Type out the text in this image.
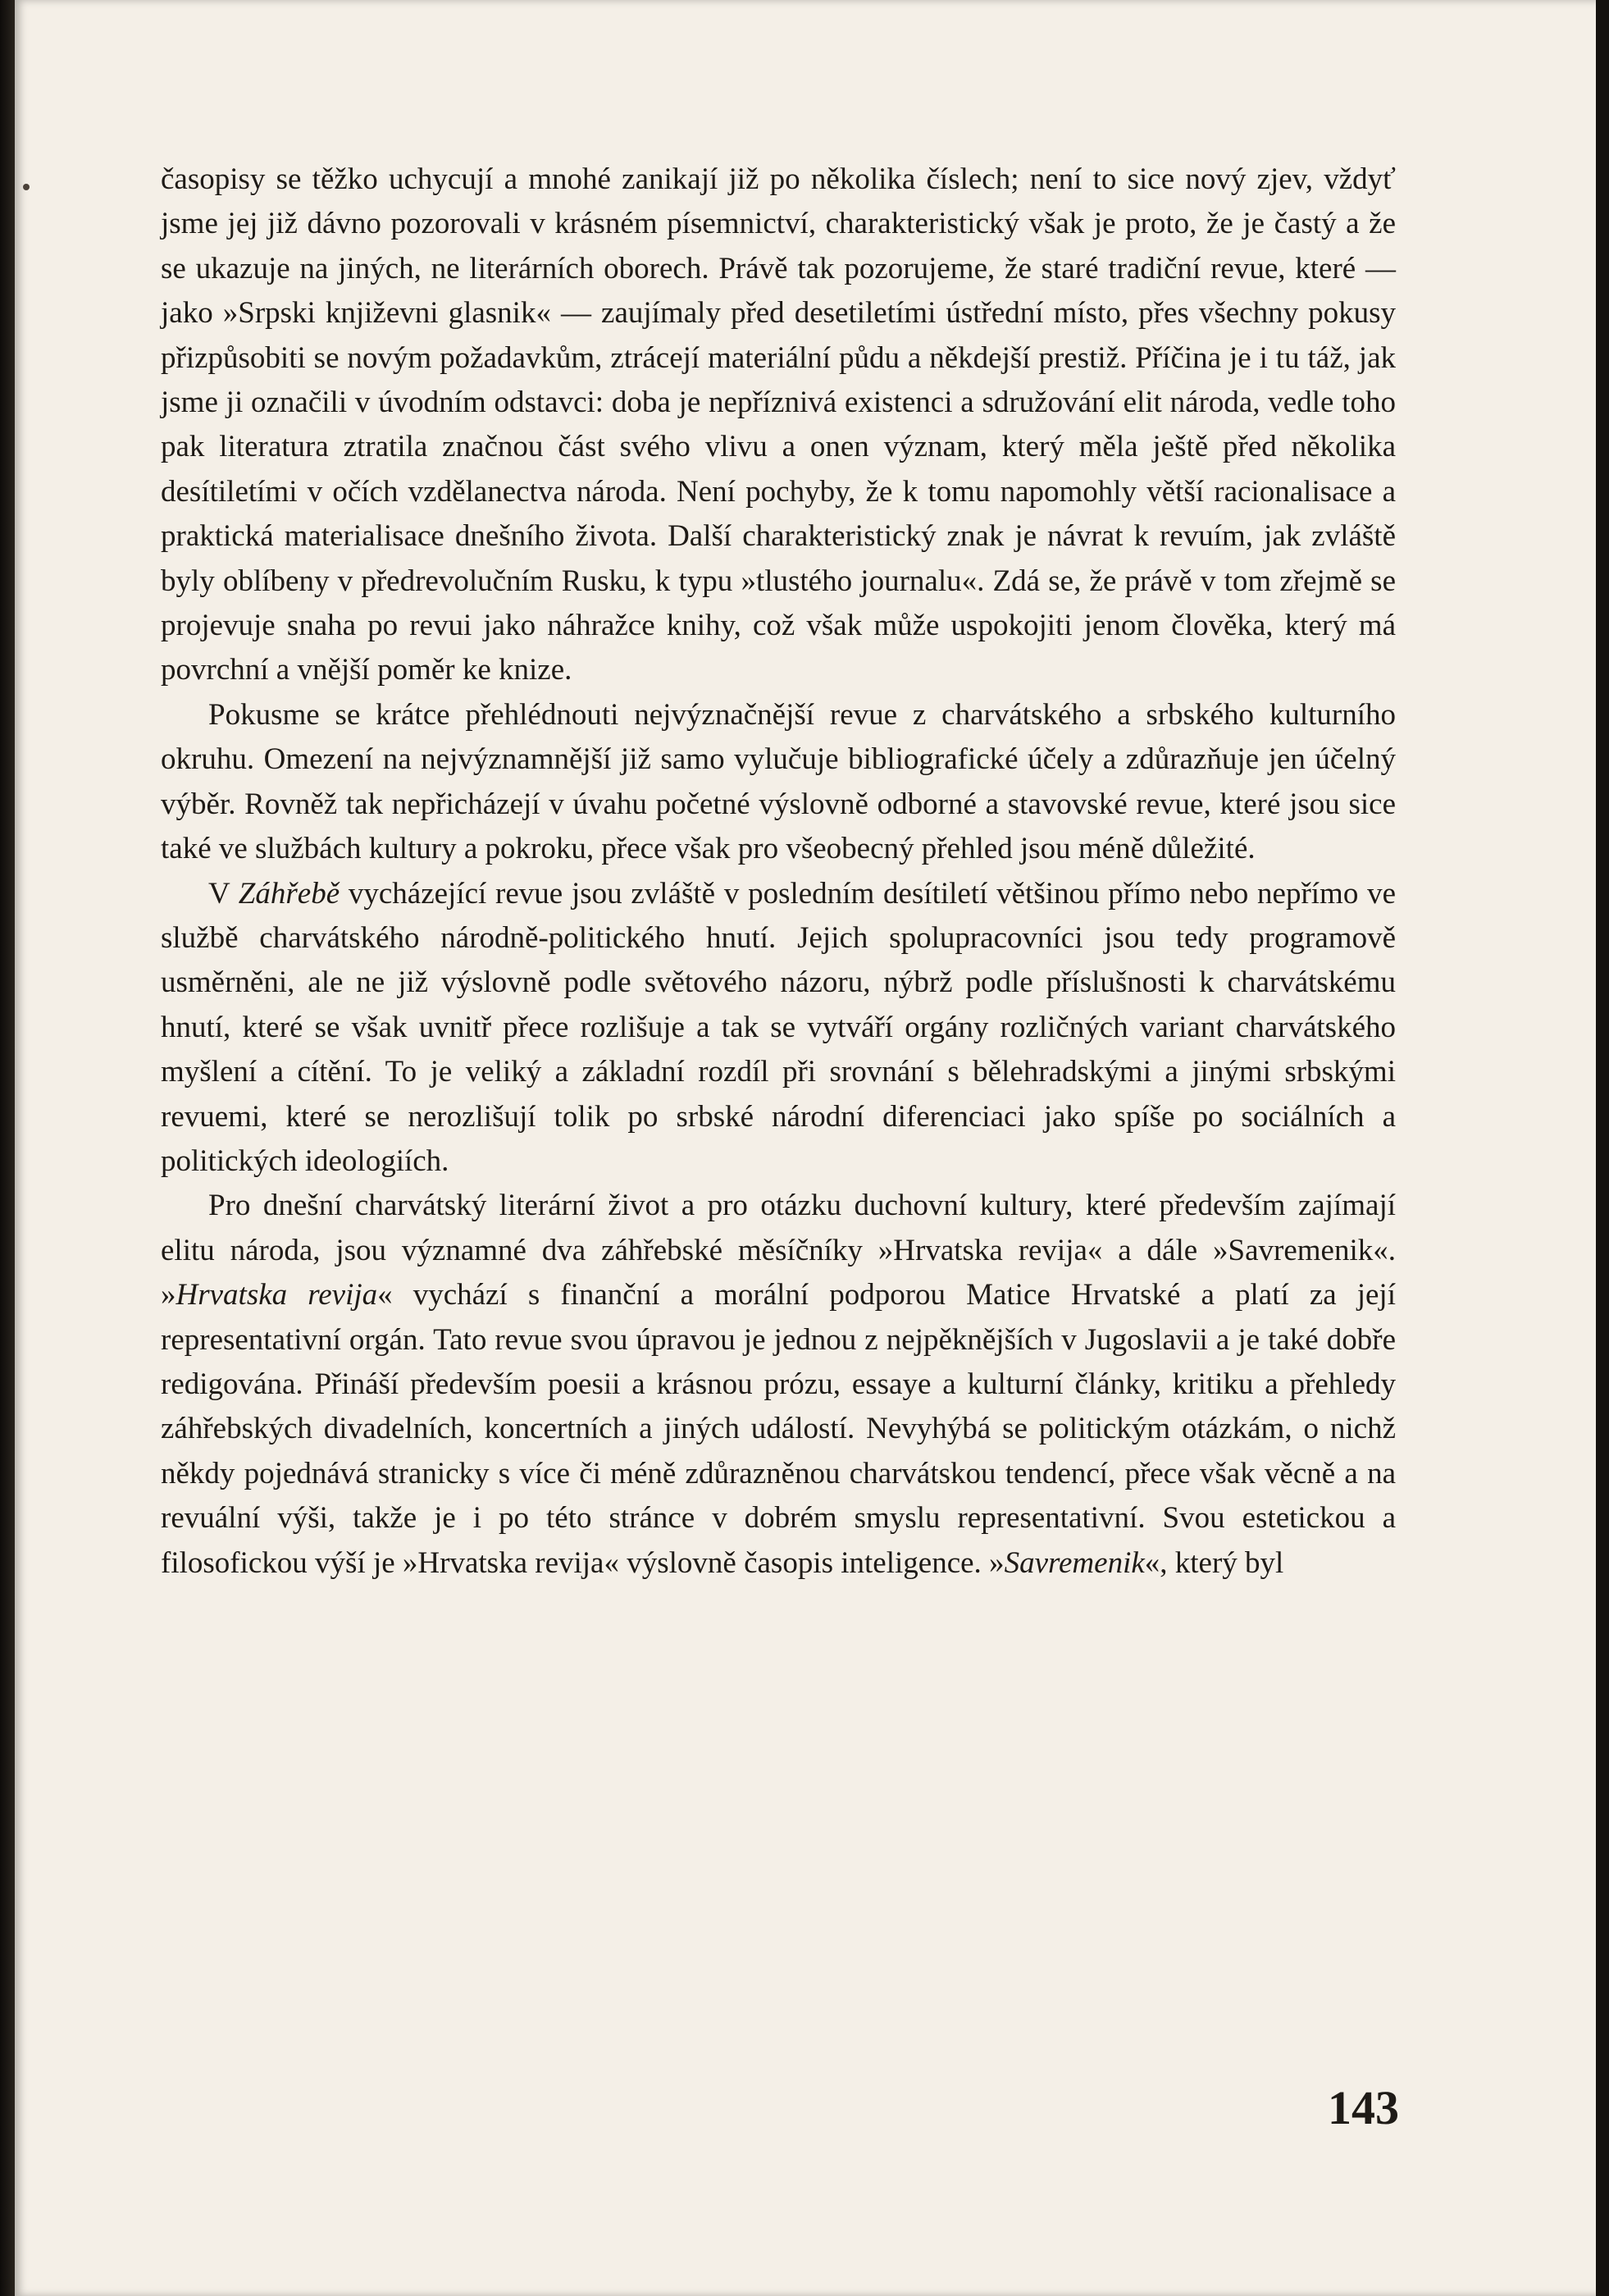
časopisy se těžko uchycují a mnohé zanikají již po několika číslech; není to sice nový zjev, vždyť jsme jej již dávno pozorovali v krásném písemnictví, charakteristický však je proto, že je častý a že se ukazuje na jiných, ne literárních oborech. Právě tak pozorujeme, že staré tradiční revue, které — jako »Srpski književni glasnik« — zaujímaly před desetiletími ústřední místo, přes všechny pokusy přizpůsobiti se novým požadavkům, ztrácejí materiální půdu a někdejší prestiž. Příčina je i tu táž, jak jsme ji označili v úvodním odstavci: doba je nepříznivá existenci a sdružování elit národa, vedle toho pak literatura ztratila značnou část svého vlivu a onen význam, který měla ještě před několika desítiletími v očích vzdělanectva národa. Není pochyby, že k tomu napomohly větší racionalisace a praktická materialisace dnešního života. Další charakteristický znak je návrat k revuím, jak zvláště byly oblíbeny v předrevolučním Rusku, k typu »tlustého journalu«. Zdá se, že právě v tom zřejmě se projevuje snaha po revui jako náhražce knihy, což však může uspokojiti jenom člověka, který má povrchní a vnější poměr ke knize.

Pokusme se krátce přehlédnouti nejvýznačnější revue z charvátského a srbského kulturního okruhu. Omezení na nejvýznamnější již samo vylučuje bibliografické účely a zdůrazňuje jen účelný výběr. Rovněž tak nepřicházejí v úvahu početné výslovně odborné a stavovské revue, které jsou sice také ve službách kultury a pokroku, přece však pro všeobecný přehled jsou méně důležité.

V Záhřebě vycházející revue jsou zvláště v posledním desítiletí většinou přímo nebo nepřímo ve službě charvátského národně-politického hnutí. Jejich spolupracovníci jsou tedy programově usměrněni, ale ne již výslovně podle světového názoru, nýbrž podle příslušnosti k charvátskému hnutí, které se však uvnitř přece rozlišuje a tak se vytváří orgány rozličných variant charvátského myšlení a cítění. To je veliký a základní rozdíl při srovnání s bělehradskými a jinými srbskými revuemi, které se nerozlišují tolik po srbské národní diferenciaci jako spíše po sociálních a politických ideologiích.

Pro dnešní charvátský literární život a pro otázku duchovní kultury, které především zajímají elitu národa, jsou významné dva záhřebské měsíčníky »Hrvatska revija« a dále »Savremenik«. »Hrvatska revija« vychází s finanční a morální podporou Matice Hrvatské a platí za její representativní orgán. Tato revue svou úpravou je jednou z nejpěknějších v Jugoslavii a je také dobře redigována. Přináší především poesii a krásnou prózu, essaye a kulturní články, kritiku a přehledy záhřebských divadelních, koncertních a jiných událostí. Nevyhýbá se politickým otázkám, o nichž někdy pojednává stranicky s více či méně zdůrazněnou charvátskou tendencí, přece však věcně a na revuální výši, takže je i po této stránce v dobrém smyslu representativní. Svou estetickou a filosofickou výší je »Hrvatska revija« výslovně časopis inteligence. »Savremenik«, který byl

143
